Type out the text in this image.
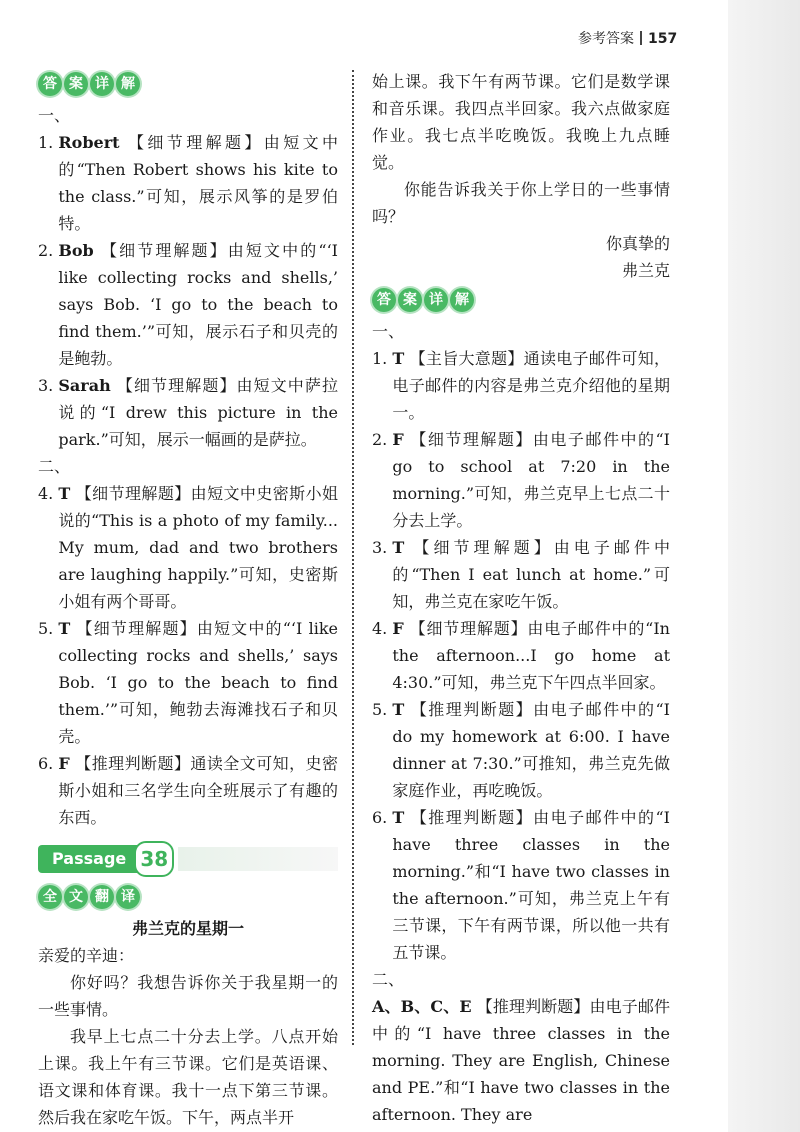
参考答案 157
答 案 详 解

一、

1. Robert 【细节理解题】由短文中的“Then Robert shows his kite to the class.”可知，展示风筝的是罗伯特。
2. Bob 【细节理解题】由短文中的“‘I like collecting rocks and shells,’ says Bob. ‘I go to the beach to find them.’”可知，展示石子和贝壳的是鲍勃。
3. Sarah 【细节理解题】由短文中萨拉说的“I drew this picture in the park.”可知，展示一幅画的是萨拉。

二、

4. T 【细节理解题】由短文中史密斯小姐说的“This is a photo of my family... My mum, dad and two brothers are laughing happily.”可知，史密斯小姐有两个哥哥。
5. T 【细节理解题】由短文中的“‘I like collecting rocks and shells,’ says Bob. ‘I go to the beach to find them.’”可知，鲍勃去海滩找石子和贝壳。
6. F 【推理判断题】通读全文可知，史密斯小姐和三名学生向全班展示了有趣的东西。
Passage 38
全 文 翻 译

弗兰克的星期一

亲爱的辛迪：

你好吗？我想告诉你关于我星期一的一些事情。

我早上七点二十分去上学。八点开始上课。我上午有三节课。它们是英语课、语文课和体育课。我十一点下第三节课。然后我在家吃午饭。下午，两点半开

始上课。我下午有两节课。它们是数学课和音乐课。我四点半回家。我六点做家庭作业。我七点半吃晚饭。我晚上九点睡觉。

你能告诉我关于你上学日的一些事情吗？

你真挚的

弗兰克

答 案 详 解

一、

1. T 【主旨大意题】通读电子邮件可知，电子邮件的内容是弗兰克介绍他的星期一。
2. F 【细节理解题】由电子邮件中的“I go to school at 7:20 in the morning.”可知，弗兰克早上七点二十分去上学。
3. T 【细节理解题】由电子邮件中的“Then I eat lunch at home.”可知，弗兰克在家吃午饭。
4. F 【细节理解题】由电子邮件中的“In the afternoon...I go home at 4:30.”可知，弗兰克下午四点半回家。
5. T 【推理判断题】由电子邮件中的“I do my homework at 6:00. I have dinner at 7:30.”可推知，弗兰克先做家庭作业，再吃晚饭。
6. T 【推理判断题】由电子邮件中的“I have three classes in the morning.”和“I have two classes in the afternoon.”可知，弗兰克上午有三节课，下午有两节课，所以他一共有五节课。

二、

A、B、C、E 【推理判断题】由电子邮件中的“I have three classes in the morning. They are English, Chinese and PE.”和“I have two classes in the afternoon. They are
